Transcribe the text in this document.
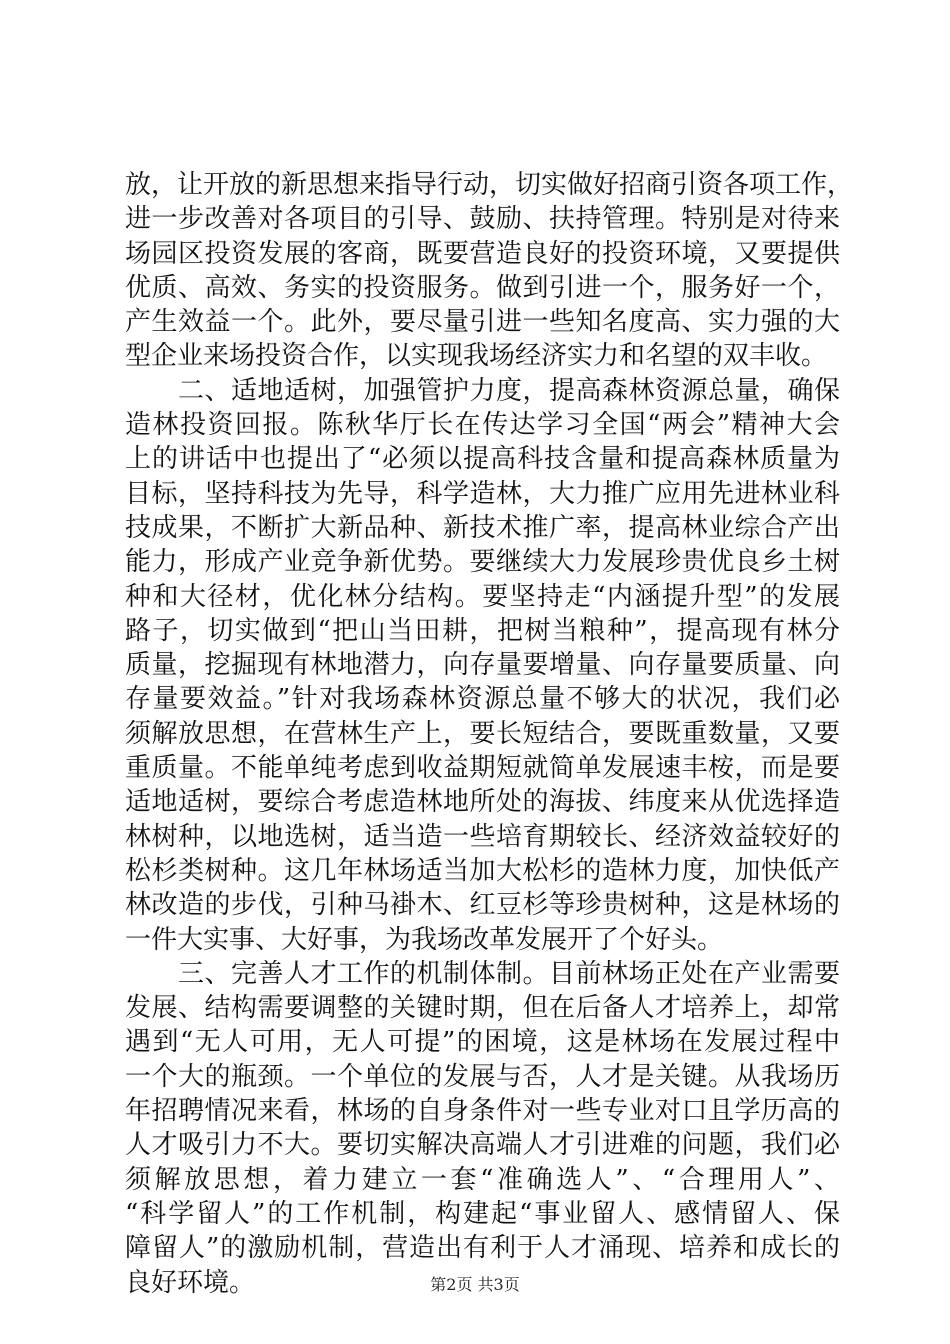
放，让开放的新思想来指导行动，切实做好招商引资各项工作，
进一步改善对各项目的引导、鼓励、扶持管理。特别是对待来
场园区投资发展的客商，既要营造良好的投资环境，又要提供
优质、高效、务实的投资服务。做到引进一个，服务好一个，
产生效益一个。此外，要尽量引进一些知名度高、实力强的大
型企业来场投资合作，以实现我场经济实力和名望的双丰收。
　　二、适地适树，加强管护力度，提高森林资源总量，确保
造林投资回报。陈秋华厅长在传达学习全国“两会”精神大会
上的讲话中也提出了“必须以提高科技含量和提高森林质量为
目标，坚持科技为先导，科学造林，大力推广应用先进林业科
技成果，不断扩大新品种、新技术推广率，提高林业综合产出
能力，形成产业竞争新优势。要继续大力发展珍贵优良乡土树
种和大径材，优化林分结构。要坚持走“内涵提升型”的发展
路子，切实做到“把山当田耕，把树当粮种”，提高现有林分
质量，挖掘现有林地潜力，向存量要增量、向存量要质量、向
存量要效益。”针对我场森林资源总量不够大的状况，我们必
须解放思想，在营林生产上，要长短结合，要既重数量，又要
重质量。不能单纯考虑到收益期短就简单发展速丰桉，而是要
适地适树，要综合考虑造林地所处的海拔、纬度来从优选择造
林树种，以地选树，适当造一些培育期较长、经济效益较好的
松杉类树种。这几年林场适当加大松杉的造林力度，加快低产
林改造的步伐，引种马褂木、红豆杉等珍贵树种，这是林场的
一件大实事、大好事，为我场改革发展开了个好头。
　　三、完善人才工作的机制体制。目前林场正处在产业需要
发展、结构需要调整的关键时期，但在后备人才培养上，却常
遇到“无人可用，无人可提”的困境，这是林场在发展过程中
一个大的瓶颈。一个单位的发展与否，人才是关键。从我场历
年招聘情况来看，林场的自身条件对一些专业对口且学历高的
人才吸引力不大。要切实解决高端人才引进难的问题，我们必
须解放思想，着力建立一套“准确选人”、“合理用人”、
“科学留人”的工作机制，构建起“事业留人、感情留人、保
障留人”的激励机制，营造出有利于人才涌现、培养和成长的
良好环境。	第2页 共3页
